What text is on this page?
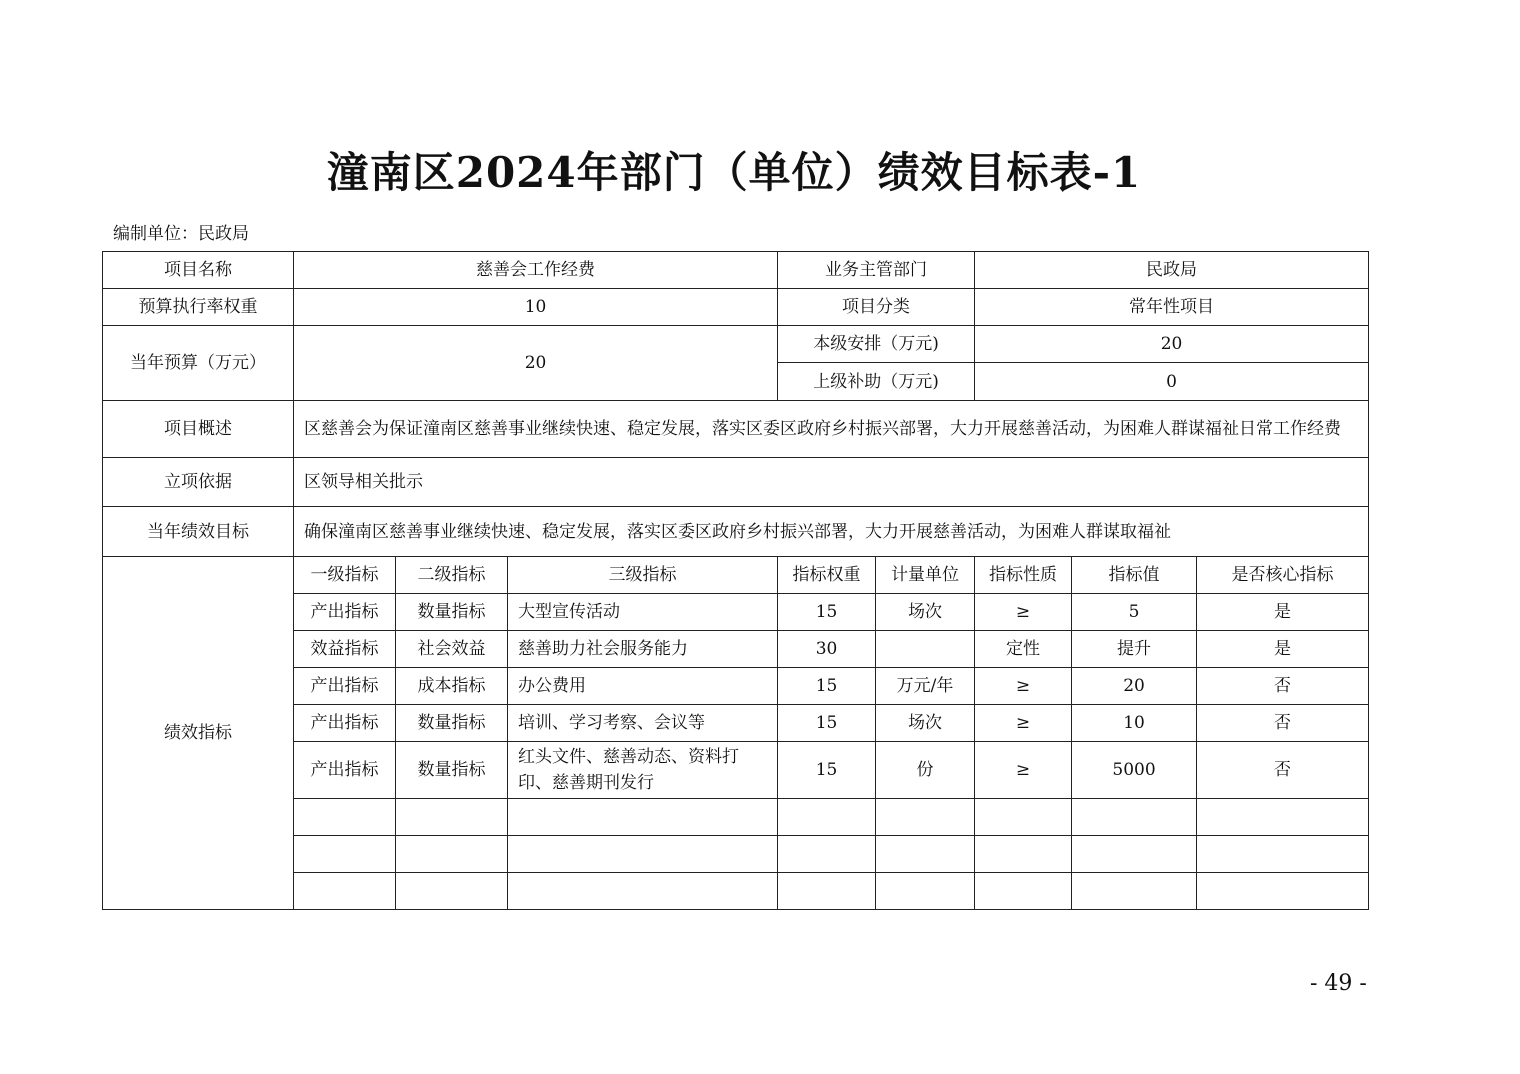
潼南区2024年部门（单位）绩效目标表-1
编制单位：民政局
项目名称	慈善会工作经费			业务主管部门		民政局		
预算执行率权重	10			项目分类		常年性项目		
当年预算（万元）	20			本级安排（万元)		20		
				上级补助（万元)		0		
项目概述	区慈善会为保证潼南区慈善事业继续快速、稳定发展，落实区委区政府乡村振兴部署，大力开展慈善活动，为困难人群谋福祉日常工作经费							
立项依据	区领导相关批示							
当年绩效目标	确保潼南区慈善事业继续快速、稳定发展，落实区委区政府乡村振兴部署，大力开展慈善活动，为困难人群谋取福祉							
绩效指标	一级指标	二级指标	三级指标	指标权重	计量单位	指标性质	指标值	是否核心指标
	产出指标	数量指标	大型宣传活动	15	场次	≥	5	是
	效益指标	社会效益	慈善助力社会服务能力	30		定性	提升	是
	产出指标	成本指标	办公费用	15	万元/年	≥	20	否
	产出指标	数量指标	培训、学习考察、会议等	15	场次	≥	10	否
	产出指标	数量指标	红头文件、慈善动态、资料打印、慈善期刊发行	15	份	≥	5000	否

- 49 -
